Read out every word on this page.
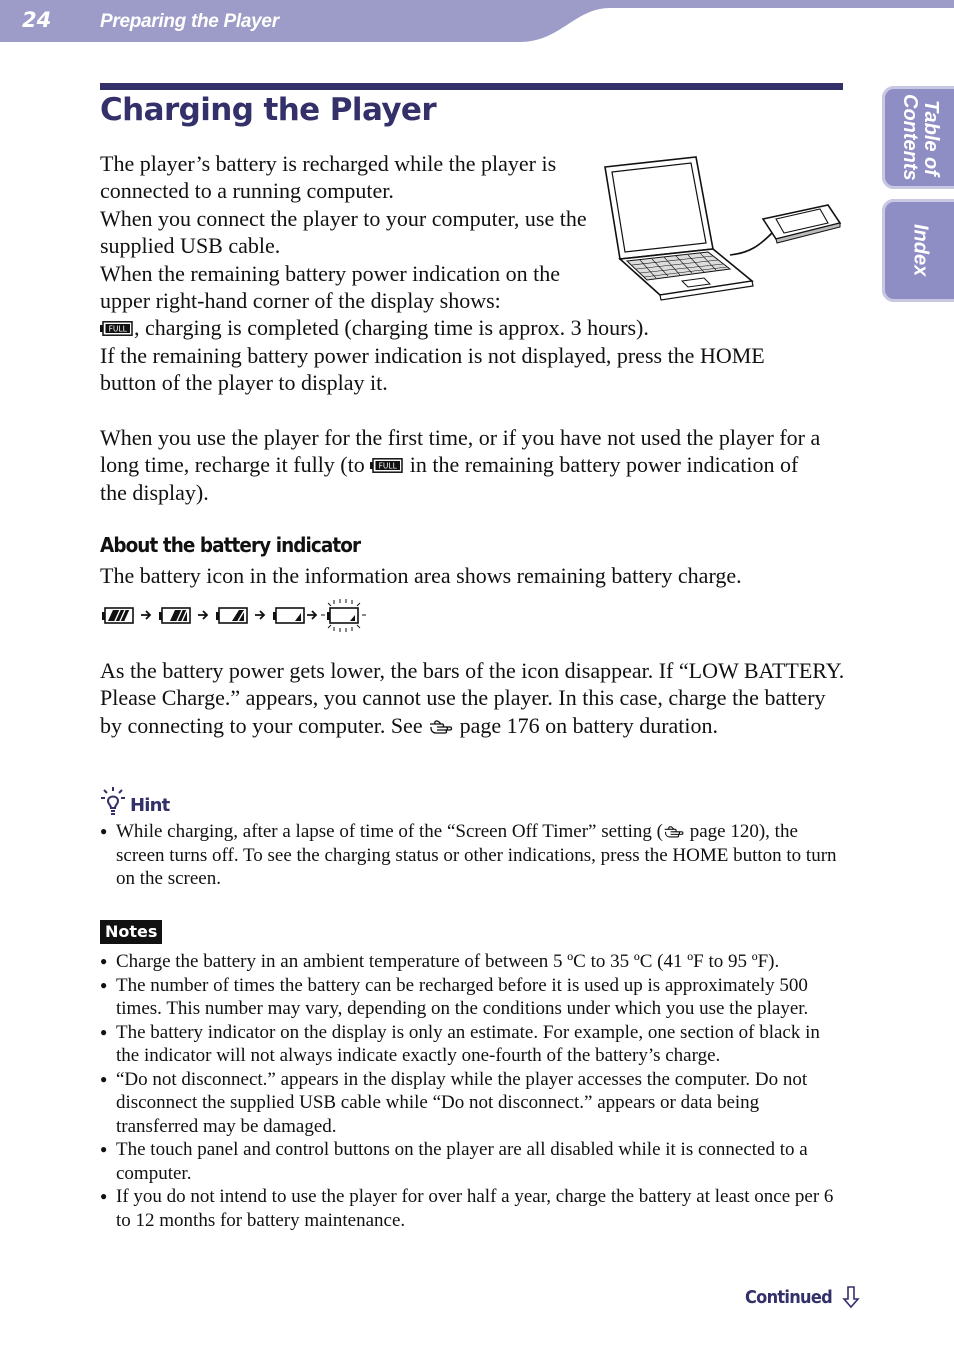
24	Preparing the Player
Table of Contents
Index
Charging the Player
The player’s battery is recharged while the player is connected to a running computer.
When you connect the player to your computer, use the supplied USB cable.
When the remaining battery power indication on the upper right-hand corner of the display shows:
FULL , charging is completed (charging time is approx. 3 hours).
If the remaining battery power indication is not displayed, press the HOME button of the player to display it.
When you use the player for the first time, or if you have not used the player for a long time, recharge it fully (to FULL in the remaining battery power indication of the display).
About the battery indicator
The battery icon in the information area shows remaining battery charge.
As the battery power gets lower, the bars of the icon disappear. If “LOW BATTERY. Please Charge.” appears, you cannot use the player. In this case, charge the battery by connecting to your computer. See page 176 on battery duration.
Hint
● While charging, after a lapse of time of the “Screen Off Timer” setting ( page 120), the screen turns off. To see the charging status or other indications, press the HOME button to turn on the screen.
Notes
● Charge the battery in an ambient temperature of between 5 ºC to 35 ºC (41 ºF to 95 ºF).
● The number of times the battery can be recharged before it is used up is approximately 500 times. This number may vary, depending on the conditions under which you use the player.
● The battery indicator on the display is only an estimate. For example, one section of black in the indicator will not always indicate exactly one-fourth of the battery’s charge.
● “Do not disconnect.” appears in the display while the player accesses the computer. Do not disconnect the supplied USB cable while “Do not disconnect.” appears or data being transferred may be damaged.
● The touch panel and control buttons on the player are all disabled while it is connected to a computer.
● If you do not intend to use the player for over half a year, charge the battery at least once per 6 to 12 months for battery maintenance.
Continued
